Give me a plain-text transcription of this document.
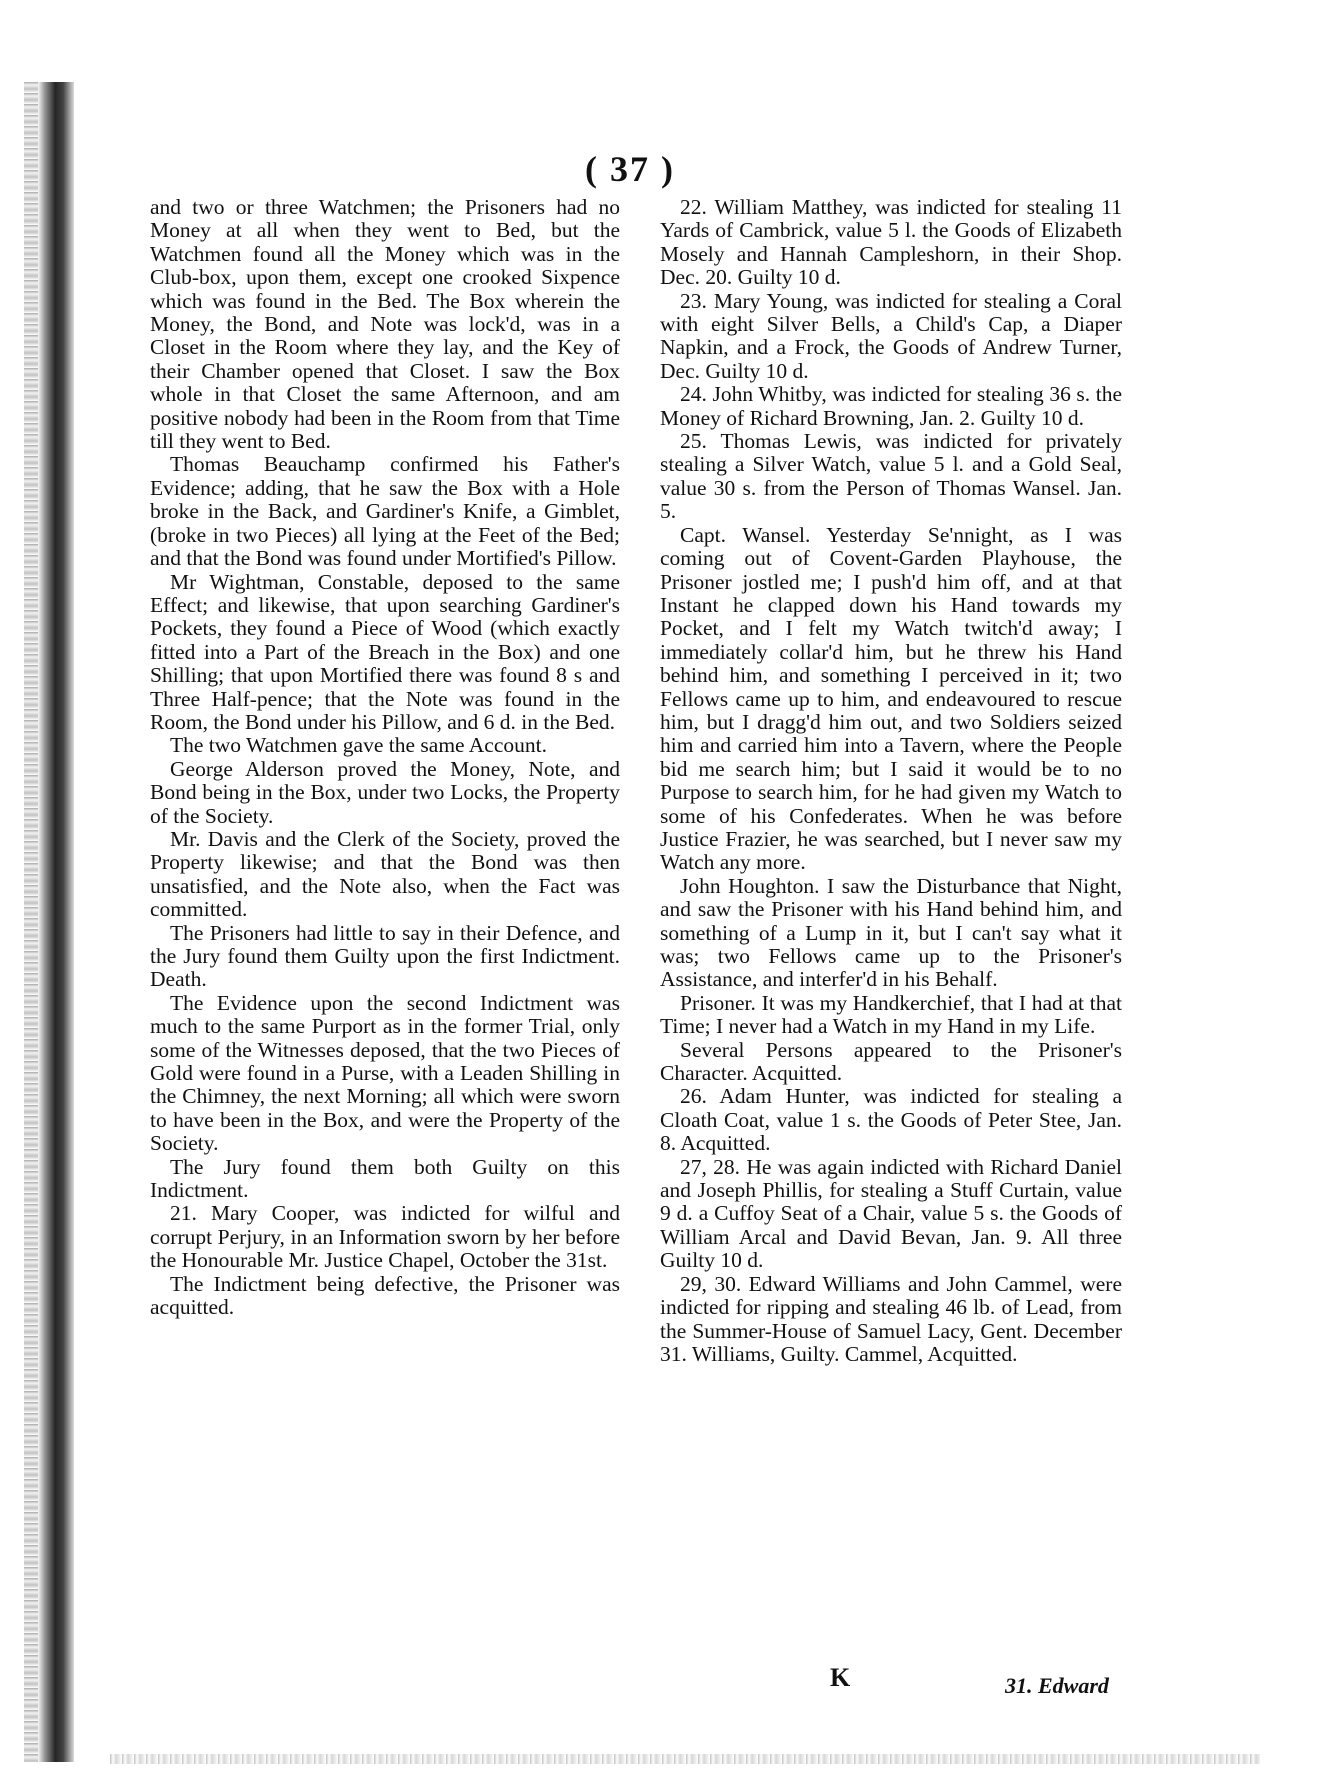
( 37 )

and two or three Watchmen; the Prisoners had no Money at all when they went to Bed, but the Watchmen found all the Money which was in the Club-box, upon them, except one crooked Sixpence which was found in the Bed. The Box wherein the Money, the Bond, and Note was lock'd, was in a Closet in the Room where they lay, and the Key of their Chamber opened that Closet. I saw the Box whole in that Closet the same Afternoon, and am positive nobody had been in the Room from that Time till they went to Bed.

Thomas Beauchamp confirmed his Father's Evidence; adding, that he saw the Box with a Hole broke in the Back, and Gardiner's Knife, a Gimblet, (broke in two Pieces) all lying at the Feet of the Bed; and that the Bond was found under Mortified's Pillow.

Mr Wightman, Constable, deposed to the same Effect; and likewise, that upon searching Gardiner's Pockets, they found a Piece of Wood (which exactly fitted into a Part of the Breach in the Box) and one Shilling; that upon Mortified there was found 8 s and Three Half-pence; that the Note was found in the Room, the Bond under his Pillow, and 6 d. in the Bed.

The two Watchmen gave the same Account.

George Alderson proved the Money, Note, and Bond being in the Box, under two Locks, the Property of the Society.

Mr. Davis and the Clerk of the Society, proved the Property likewise; and that the Bond was then unsatisfied, and the Note also, when the Fact was committed.

The Prisoners had little to say in their Defence, and the Jury found them Guilty upon the first Indictment. Death.

The Evidence upon the second Indictment was much to the same Purport as in the former Trial, only some of the Witnesses deposed, that the two Pieces of Gold were found in a Purse, with a Leaden Shilling in the Chimney, the next Morning; all which were sworn to have been in the Box, and were the Property of the Society.

The Jury found them both Guilty on this Indictment.

21. Mary Cooper, was indicted for wilful and corrupt Perjury, in an Information sworn by her before the Honourable Mr. Justice Chapel, October the 31st.

The Indictment being defective, the Prisoner was acquitted.

22. William Matthey, was indicted for stealing 11 Yards of Cambrick, value 5 l. the Goods of Elizabeth Mosely and Hannah Campleshorn, in their Shop. Dec. 20. Guilty 10 d.

23. Mary Young, was indicted for stealing a Coral with eight Silver Bells, a Child's Cap, a Diaper Napkin, and a Frock, the Goods of Andrew Turner, Dec. Guilty 10 d.

24. John Whitby, was indicted for stealing 36 s. the Money of Richard Browning, Jan. 2. Guilty 10 d.

25. Thomas Lewis, was indicted for privately stealing a Silver Watch, value 5 l. and a Gold Seal, value 30 s. from the Person of Thomas Wansel. Jan. 5.

Capt. Wansel. Yesterday Se'nnight, as I was coming out of Covent-Garden Playhouse, the Prisoner jostled me; I push'd him off, and at that Instant he clapped down his Hand towards my Pocket, and I felt my Watch twitch'd away; I immediately collar'd him, but he threw his Hand behind him, and something I perceived in it; two Fellows came up to him, and endeavoured to rescue him, but I dragg'd him out, and two Soldiers seized him and carried him into a Tavern, where the People bid me search him; but I said it would be to no Purpose to search him, for he had given my Watch to some of his Confederates. When he was before Justice Frazier, he was searched, but I never saw my Watch any more.

John Houghton. I saw the Disturbance that Night, and saw the Prisoner with his Hand behind him, and something of a Lump in it, but I can't say what it was; two Fellows came up to the Prisoner's Assistance, and interfer'd in his Behalf.

Prisoner. It was my Handkerchief, that I had at that Time; I never had a Watch in my Hand in my Life.

Several Persons appeared to the Prisoner's Character. Acquitted.

26. Adam Hunter, was indicted for stealing a Cloath Coat, value 1 s. the Goods of Peter Stee, Jan. 8. Acquitted.

27, 28. He was again indicted with Richard Daniel and Joseph Phillis, for stealing a Stuff Curtain, value 9 d. a Cuffoy Seat of a Chair, value 5 s. the Goods of William Arcal and David Bevan, Jan. 9. All three Guilty 10 d.

29, 30. Edward Williams and John Cammel, were indicted for ripping and stealing 46 lb. of Lead, from the Summer-House of Samuel Lacy, Gent. December 31. Williams, Guilty. Cammel, Acquitted.

K	31. Edward
